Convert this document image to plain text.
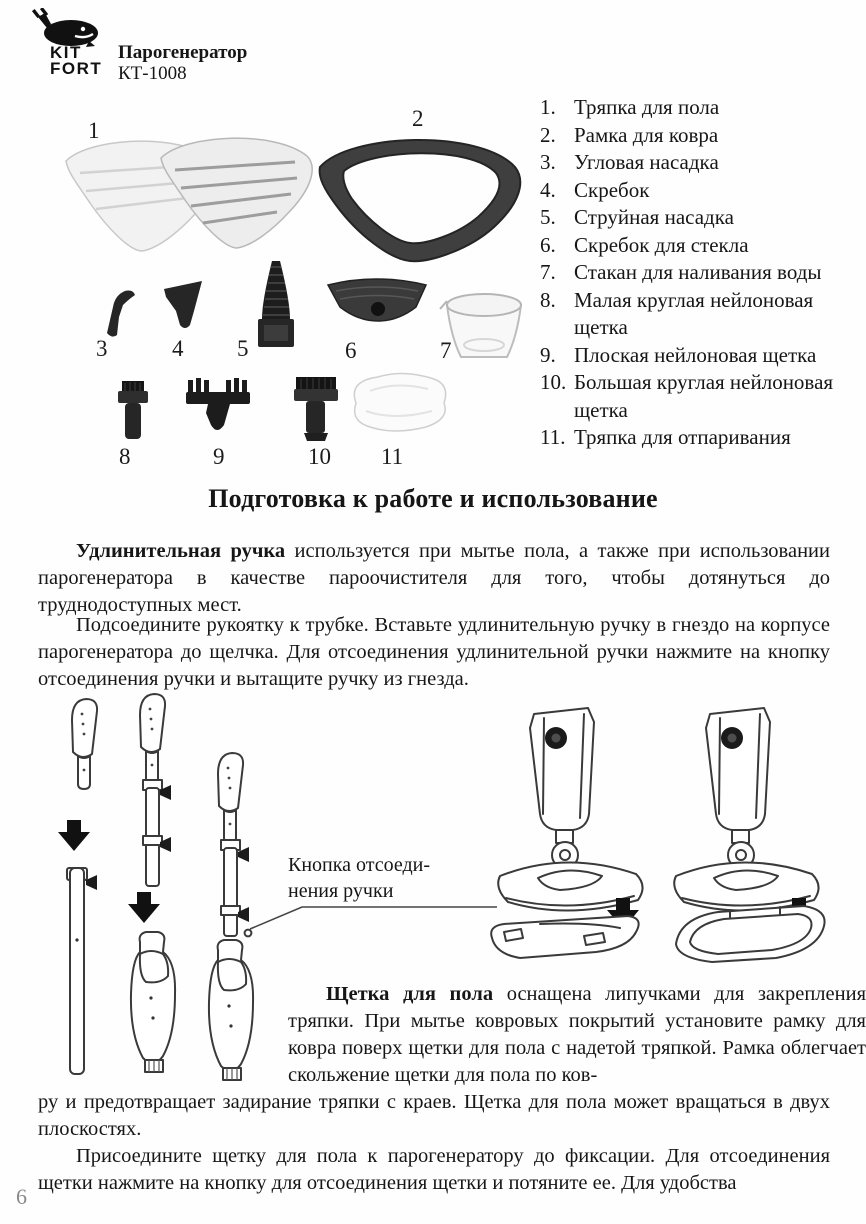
KIT
FORT
Парогенератор
КТ-1008
1	2
3	4 5	6	7
8	9	10 11
1. Тряпка для пола
2. Рамка для ковра
3. Угловая насадка
4. Скребок
5. Струйная насадка
6. Скребок для стекла
7. Стакан для наливания воды
8. Малая круглая нейлоновая щетка
9. Плоская нейлоновая щетка
10. Большая круглая нейлоновая щетка
11. Тряпка для отпаривания
Подготовка к работе и использование

Удлинительная ручка используется при мытье пола, а также при использовании парогенератора в качестве пароочистителя для того, чтобы дотянуться до труднодоступных мест.

Подсоедините рукоятку к трубке. Вставьте удлинительную ручку в гнездо на корпусе парогенератора до щелчка. Для отсоединения удлинительной ручки нажмите на кнопку отсоединения ручки и вытащите ручку из гнезда.

Кнопка отсоеди-нения ручки

Щетка для пола оснащена липучками для закрепления тряпки. При мытье ковровых покрытий установите рамку для ковра поверх щетки для пола с надетой тряпкой. Рамка облегчает скольжение щетки для пола по ков-

ру и предотвращает задирание тряпки с краев. Щетка для пола может вращаться в двух плоскостях.

Присоедините щетку для пола к парогенератору до фиксации. Для отсоединения щетки нажмите на кнопку для отсоединения щетки и потяните ее. Для удобства

6
